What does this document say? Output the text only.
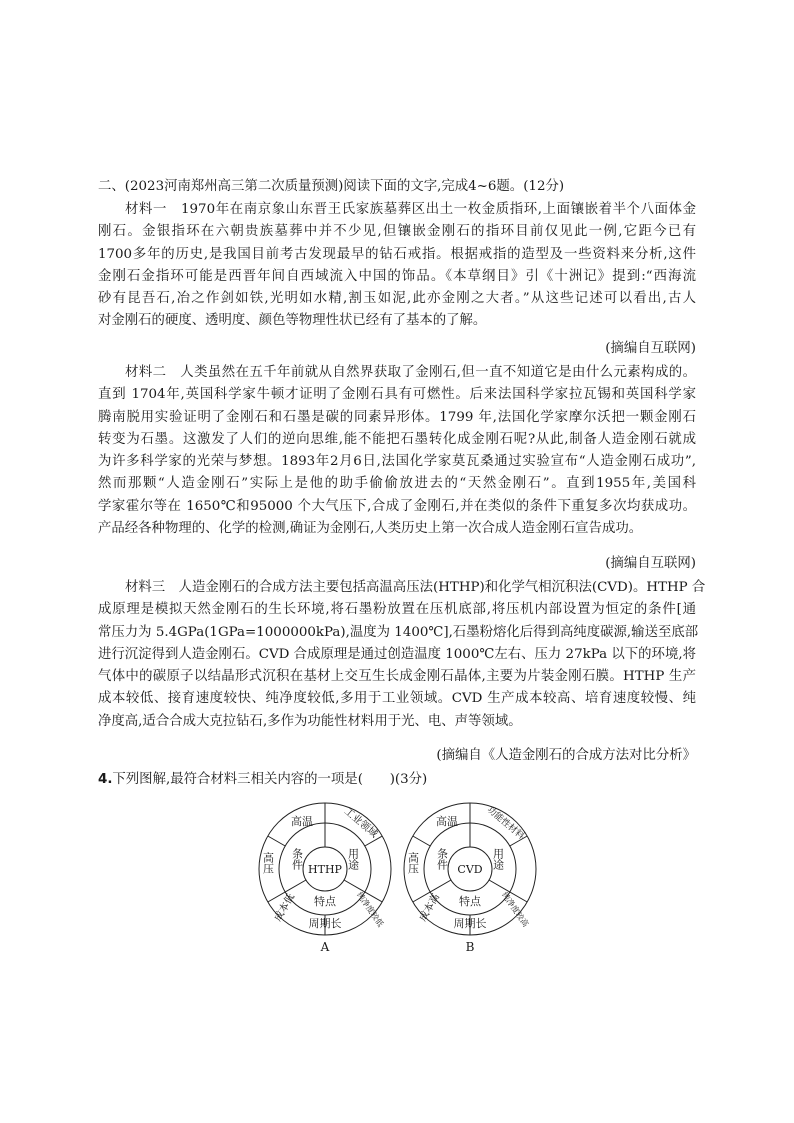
二、(2023河南郑州高三第二次质量预测)阅读下面的文字,完成4~6题。(12分)
材料一　1970年在南京象山东晋王氏家族墓葬区出土一枚金质指环,上面镶嵌着半个八面体金
刚石。金银指环在六朝贵族墓葬中并不少见,但镶嵌金刚石的指环目前仅见此一例,它距今已有
1700多年的历史,是我国目前考古发现最早的钻石戒指。根据戒指的造型及一些资料来分析,这件
金刚石金指环可能是西晋年间自西域流入中国的饰品。《本草纲目》引《十洲记》提到:“西海流
砂有昆吾石,冶之作剑如铁,光明如水精,割玉如泥,此亦金刚之大者。”从这些记述可以看出,古人
对金刚石的硬度、透明度、颜色等物理性状已经有了基本的了解。
(摘编自互联网)
材料二　人类虽然在五千年前就从自然界获取了金刚石,但一直不知道它是由什么元素构成的。
直到 1704年,英国科学家牛顿才证明了金刚石具有可燃性。后来法国科学家拉瓦锡和英国科学家
腾南脱用实验证明了金刚石和石墨是碳的同素异形体。1799 年,法国化学家摩尔沃把一颗金刚石
转变为石墨。这激发了人们的逆向思维,能不能把石墨转化成金刚石呢?从此,制备人造金刚石就成
为许多科学家的光荣与梦想。1893年2月6日,法国化学家莫瓦桑通过实验宣布“人造金刚石成功”,
然而那颗“人造金刚石”实际上是他的助手偷偷放进去的“天然金刚石”。直到1955年,美国科
学家霍尔等在 1650℃和95000 个大气压下,合成了金刚石,并在类似的条件下重复多次均获成功。
产品经各种物理的、化学的检测,确证为金刚石,人类历史上第一次合成人造金刚石宣告成功。
(摘编自互联网)
材料三　人造金刚石的合成方法主要包括高温高压法(HTHP)和化学气相沉积法(CVD)。HTHP 合
成原理是模拟天然金刚石的生长环境,将石墨粉放置在压机底部,将压机内部设置为恒定的条件[通
常压力为 5.4GPa(1GPa=1000000kPa),温度为 1400℃],石墨粉熔化后得到高纯度碳源,输送至底部
进行沉淀得到人造金刚石。CVD 合成原理是通过创造温度 1000℃左右、压力 27kPa 以下的环境,将
气体中的碳原子以结晶形式沉积在基材上交互生长成金刚石晶体,主要为片装金刚石膜。HTHP 生产
成本较低、接育速度较快、纯净度较低,多用于工业领域。CVD 生产成本较高、培育速度较慢、纯
净度高,适合合成大克拉钻石,多作为功能性材料用于光、电、声等领域。
(摘编自《人造金刚石的合成方法对比分析》
4.下列图解,最符合材料三相关内容的一项是(　　)(3分)
HTHP
条件	用途
特点
高温
高压
工业领域
成本低
周期长 纯净度较低
A
CVD
条件	用途
特点
高温
高压
功能性材料
成本高
周期长 纯净度较高
B
